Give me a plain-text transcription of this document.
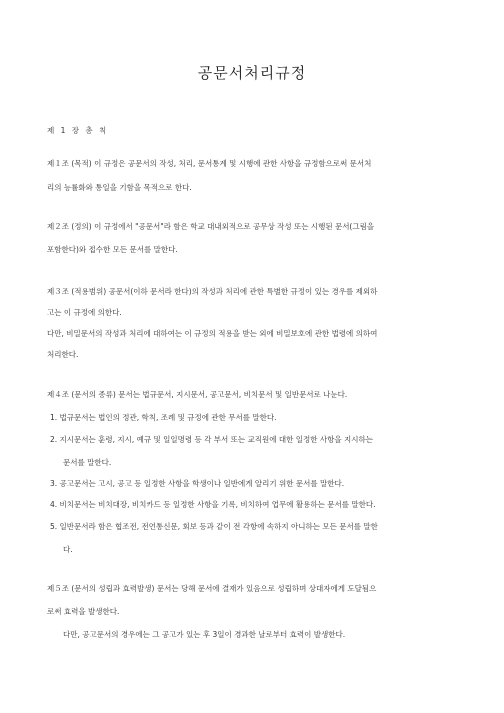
공문서처리규정
제 1 장 총 칙
제１조 (목적) 이 규정은 공문서의 작성, 처리, 문서통계 및 시행에 관한 사항을 규정함으로써 문서처
리의 능률화와 통일을 기함을 목적으로 한다.
제２조 (정의) 이 규정에서 "공문서"라 함은 학교 대내외적으로 공무상 작성 또는 시행된 문서(그림을
포함한다)와 접수한 모든 문서를 말한다.
제３조 (적용범위) 공문서(이하 문서라 한다)의 작성과 처리에 관한 특별한 규정이 있는 경우를 제외하
고는 이 규정에 의한다.
다만, 비밀문서의 작성과 처리에 대하여는 이 규정의 적용을 받는 외에 비밀보호에 관한 법령에 의하여
처리한다.
제４조 (문서의 종류) 문서는 법규문서, 지시문서, 공고문서, 비치문서 및 일반문서로 나눈다.
1. 법규문서는 법인의 정관, 학칙, 조례 및 규정에 관한 무서를 말한다.
2. 지시문서는 훈령, 지시, 예규 및 일일명령 등 각 부서 또는 교직원에 대한 일정한 사항을 지시하는
문서를 말한다.
3. 공고문서는 고시, 공고 등 일정한 사항을 학생이나 일반에게 알리기 위한 문서를 말한다.
4. 비치문서는 비치대장, 비치카드 등 일정한 사항을 기록, 비치하여 업무에 활용하는 문서를 말한다.
5. 일반문서라 함은 협조전, 전언통신문, 회보 등과 같이 전 각항에 속하지 아니하는 모든 문서를 말한
다.
제５조 (문서의 성립과 효력발생) 문서는 당해 문서에 결재가 있음으로 성립하며 상대자에게 도달됨으
로써 효력을 발생한다.
다만, 공고문서의 경우에는 그 공고가 있는 후 3일이 경과한 날로부터 효력이 발생한다.
